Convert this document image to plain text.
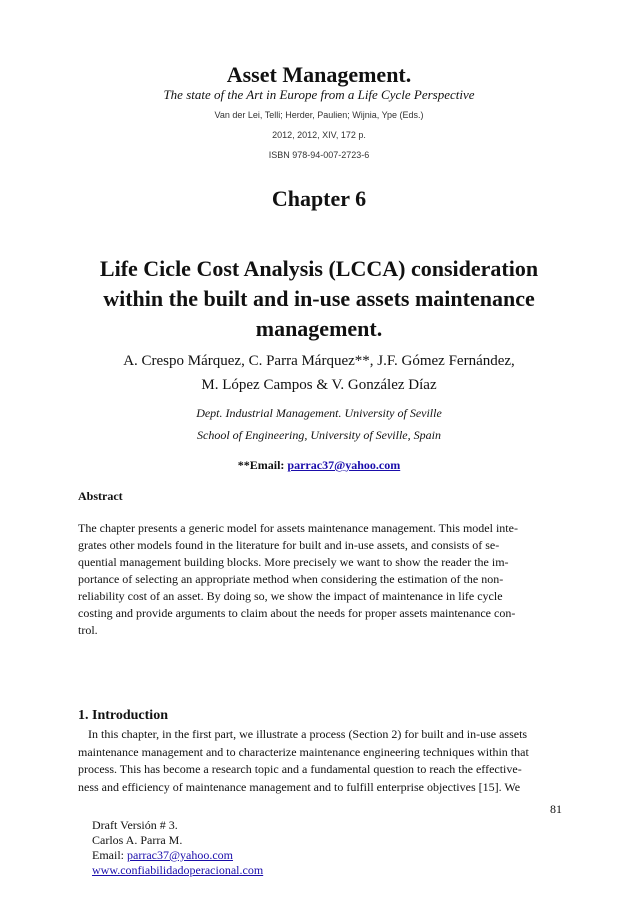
Asset Management.
The state of the Art in Europe from a Life Cycle Perspective
Van der Lei, Telli; Herder, Paulien; Wijnia, Ype (Eds.)
2012, 2012, XIV, 172 p.
ISBN 978-94-007-2723-6
Chapter 6
Life Cicle Cost Analysis (LCCA) consideration
within the built and in-use assets maintenance
management.
A. Crespo Márquez, C. Parra Márquez**, J.F. Gómez Fernández,
M. López Campos & V. González Díaz
Dept. Industrial Management. University of Seville
School of Engineering, University of Seville, Spain
**Email: parrac37@yahoo.com
Abstract
The chapter presents a generic model for assets maintenance management. This model inte-
grates other models found in the literature for built and in-use assets, and consists of se-
quential management building blocks. More precisely we want to show the reader the im-
portance of selecting an appropriate method when considering the estimation of the non-
reliability cost of an asset. By doing so, we show the impact of maintenance in life cycle
costing and provide arguments to claim about the needs for proper assets maintenance con-
trol.
1. Introduction
In this chapter, in the first part, we illustrate a process (Section 2) for built and in-use assets
maintenance management and to characterize maintenance engineering techniques within that
process. This has become a research topic and a fundamental question to reach the effective-
ness and efficiency of maintenance management and to fulfill enterprise objectives [15]. We
81
Draft Versión # 3.
Carlos A. Parra M.
Email: parrac37@yahoo.com
www.confiabilidadoperacional.com
